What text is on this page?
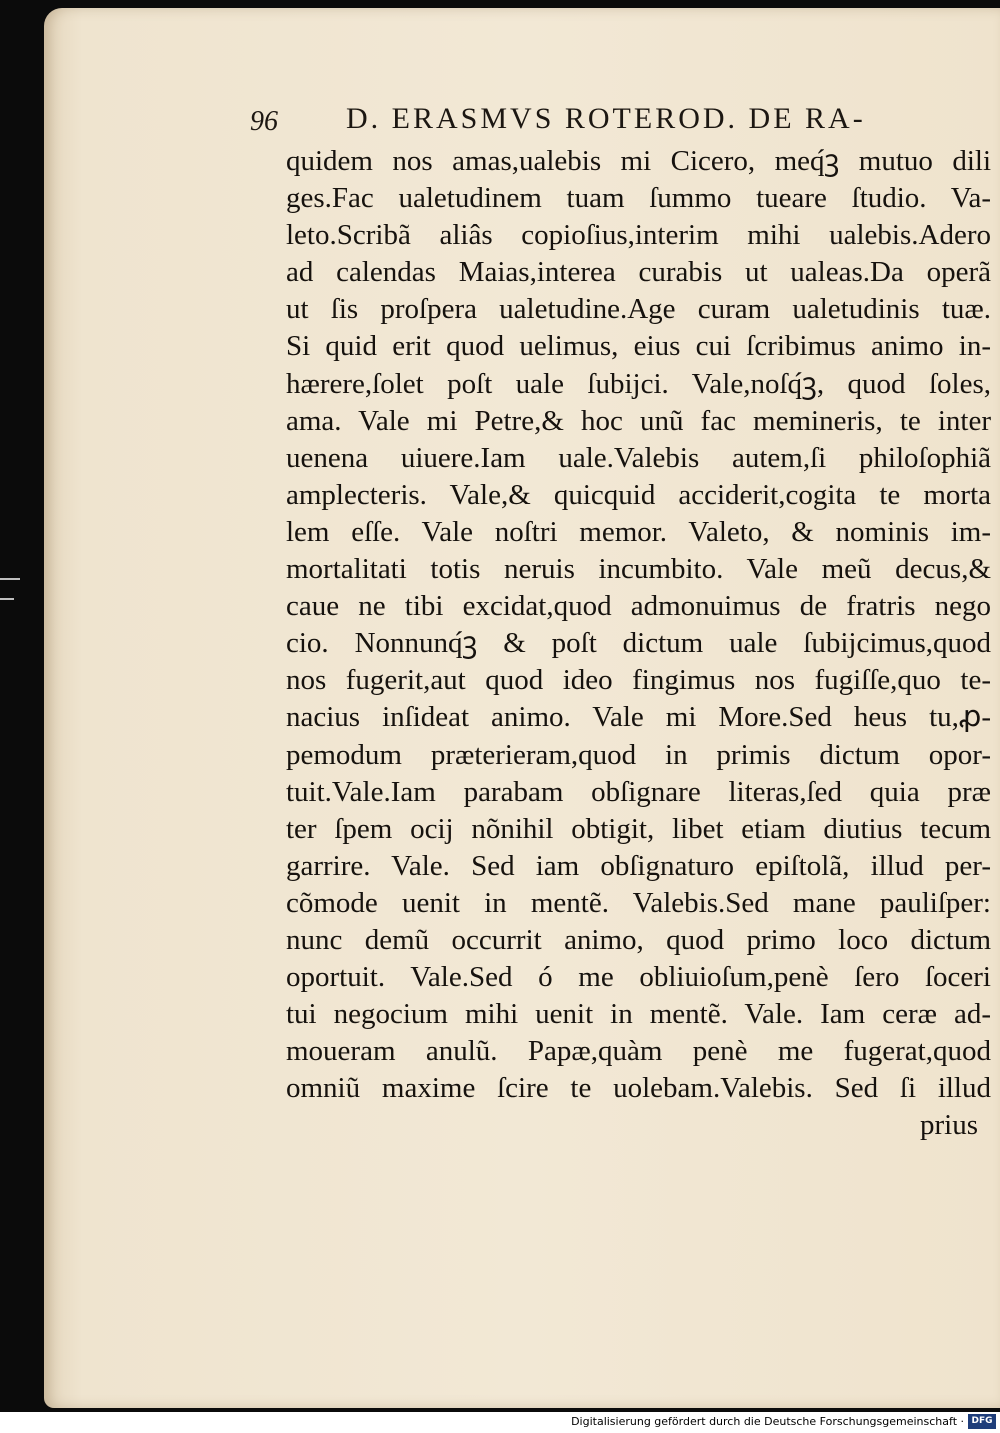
96 D. ERASMVS ROTEROD. DE RA-
quidem nos amas,ualebis mi Cicero, meq́ꝫ mutuo dili
ges.Fac ualetudinem tuam ſummo tueare ſtudio. Va-
leto.Scribã aliâs copioſius,interim mihi ualebis.Adero
ad calendas Maias,interea curabis ut ualeas.Da operã
ut ſis proſpera ualetudine.Age curam ualetudinis tuæ.
Si quid erit quod uelimus, eius cui ſcribimus animo in-
hærere,ſolet poſt uale ſubijci. Vale,noſq́ꝫ, quod ſoles,
ama. Vale mi Petre,& hoc unũ fac memineris, te inter
uenena uiuere.Iam uale.Valebis autem,ſi philoſophiã
amplecteris. Vale,& quicquid acciderit,cogita te morta
lem eſſe. Vale noſtri memor. Valeto, & nominis im-
mortalitati totis neruis incumbito. Vale meũ decus,&
caue ne tibi excidat,quod admonuimus de fratris nego
cio. Nonnunq́ꝫ & poſt dictum uale ſubijcimus,quod
nos fugerit,aut quod ideo fingimus nos fugiſſe,quo te-
nacius inſideat animo. Vale mi More.Sed heus tu,ꝓ-
pemodum præterieram,quod in primis dictum opor-
tuit.Vale.Iam parabam obſignare literas,ſed quia præ
ter ſpem ocij nõnihil obtigit, libet etiam diutius tecum
garrire. Vale. Sed iam obſignaturo epiſtolã, illud per-
cõmode uenit in mentẽ. Valebis.Sed mane pauliſper:
nunc demũ occurrit animo, quod primo loco dictum
oportuit. Vale.Sed ó me obliuioſum,penè ſero ſoceri
tui negocium mihi uenit in mentẽ. Vale. Iam ceræ ad-
moueram anulũ. Papæ,quàm penè me fugerat,quod
omniũ maxime ſcire te uolebam.Valebis. Sed ſi illud
prius
Digitalisierung gefördert durch die Deutsche Forschungsgemeinschaft · DFG
